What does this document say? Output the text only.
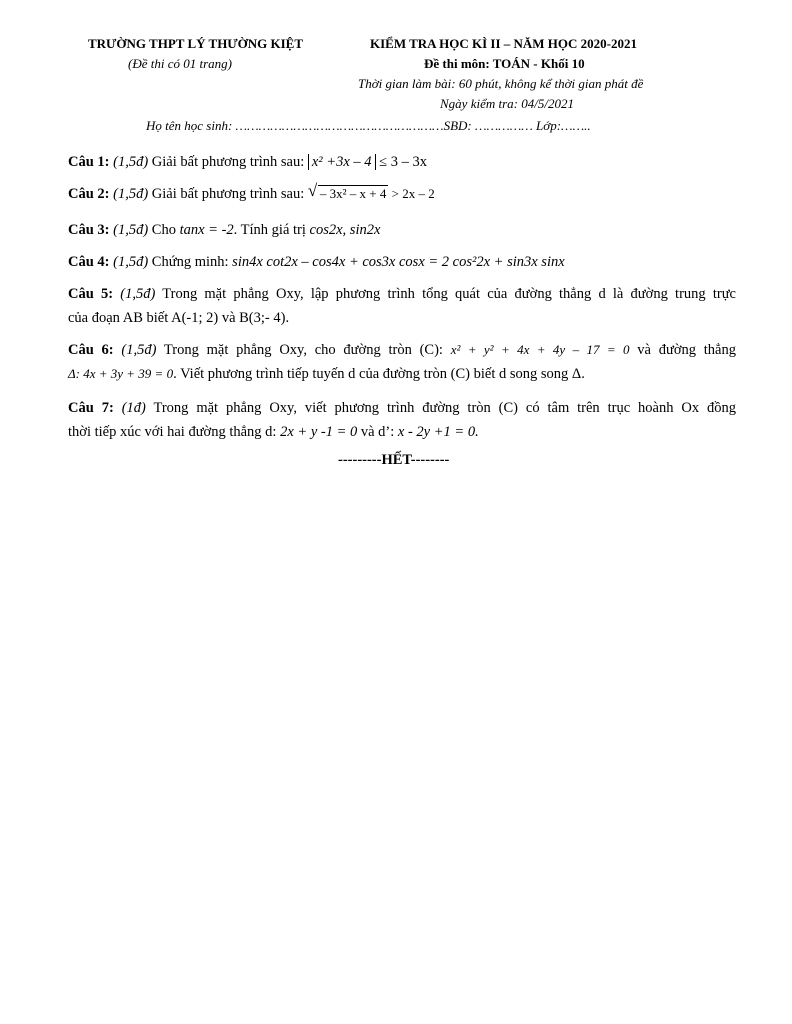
TRƯỜNG THPT LÝ THƯỜNG KIỆT
(Đề thi có 01 trang)
KIỂM TRA HỌC KÌ II – NĂM HỌC 2020-2021
Đề thi môn: TOÁN - Khối 10
Thời gian làm bài: 60 phút, không kể thời gian phát đề
Ngày kiểm tra: 04/5/2021
Họ tên học sinh: ………………………………………………SBD: …………… Lớp:……..
Câu 1: (1,5đ) Giải bất phương trình sau: x² +3x – 4 ≤ 3 – 3x
Câu 2: (1,5đ) Giải bất phương trình sau: √ – 3x² – x + 4 > 2x – 2
Câu 3: (1,5đ) Cho tanx = -2. Tính giá trị cos2x, sin2x
Câu 4: (1,5đ) Chứng minh: sin4x cot2x – cos4x + cos3x cosx = 2 cos²2x + sin3x sinx
Câu 5: (1,5đ) Trong mặt phẳng Oxy, lập phương trình tổng quát của đường thẳng d là đường trung trực
của đoạn AB biết A(-1; 2) và B(3;- 4).
Câu 6: (1,5đ) Trong mặt phẳng Oxy, cho đường tròn (C): x² + y² + 4x + 4y – 17 = 0 và đường thẳng
Δ: 4x + 3y + 39 = 0. Viết phương trình tiếp tuyến d của đường tròn (C) biết d song song Δ.
Câu 7: (1đ) Trong mặt phẳng Oxy, viết phương trình đường tròn (C) có tâm trên trục hoành Ox đồng
thời tiếp xúc với hai đường thẳng d: 2x + y -1 = 0 và d’: x - 2y +1 = 0.
---------HẾT--------
